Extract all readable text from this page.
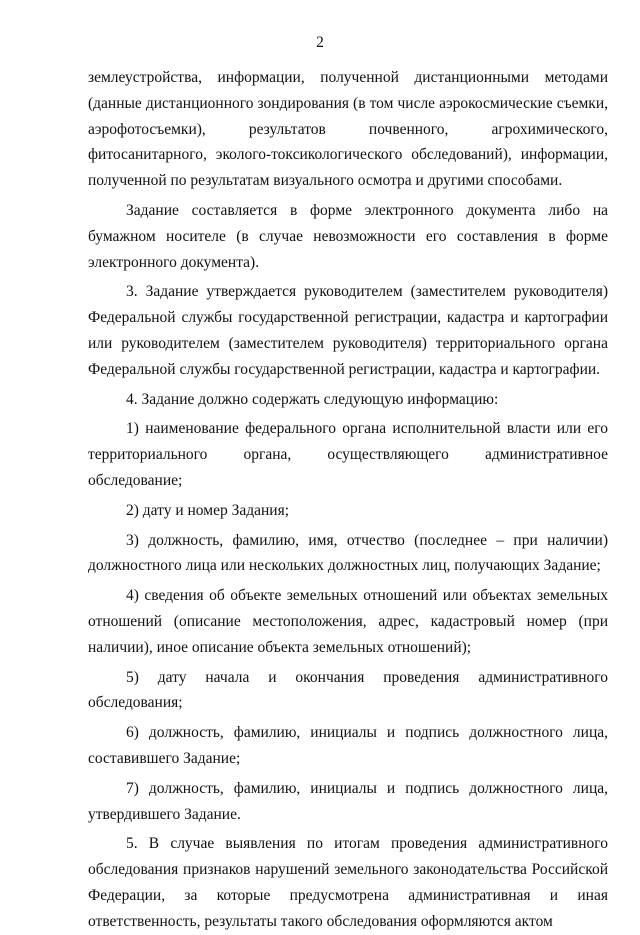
2

землеустройства, информации, полученной дистанционными методами (данные дистанционного зондирования (в том числе аэрокосмические съемки, аэрофотосъемки), результатов почвенного, агрохимического, фитосанитарного, эколого-токсикологического обследований), информации, полученной по результатам визуального осмотра и другими способами.

Задание составляется в форме электронного документа либо на бумажном носителе (в случае невозможности его составления в форме электронного документа).

3. Задание утверждается руководителем (заместителем руководителя) Федеральной службы государственной регистрации, кадастра и картографии или руководителем (заместителем руководителя) территориального органа Федеральной службы государственной регистрации, кадастра и картографии.

4. Задание должно содержать следующую информацию:

1) наименование федерального органа исполнительной власти или его территориального органа, осуществляющего административное обследование;

2) дату и номер Задания;

3) должность, фамилию, имя, отчество (последнее – при наличии) должностного лица или нескольких должностных лиц, получающих Задание;

4) сведения об объекте земельных отношений или объектах земельных отношений (описание местоположения, адрес, кадастровый номер (при наличии), иное описание объекта земельных отношений);

5) дату начала и окончания проведения административного обследования;

6) должность, фамилию, инициалы и подпись должностного лица, составившего Задание;

7) должность, фамилию, инициалы и подпись должностного лица, утвердившего Задание.

5. В случае выявления по итогам проведения административного обследования признаков нарушений земельного законодательства Российской Федерации, за которые предусмотрена административная и иная ответственность, результаты такого обследования оформляются актом
